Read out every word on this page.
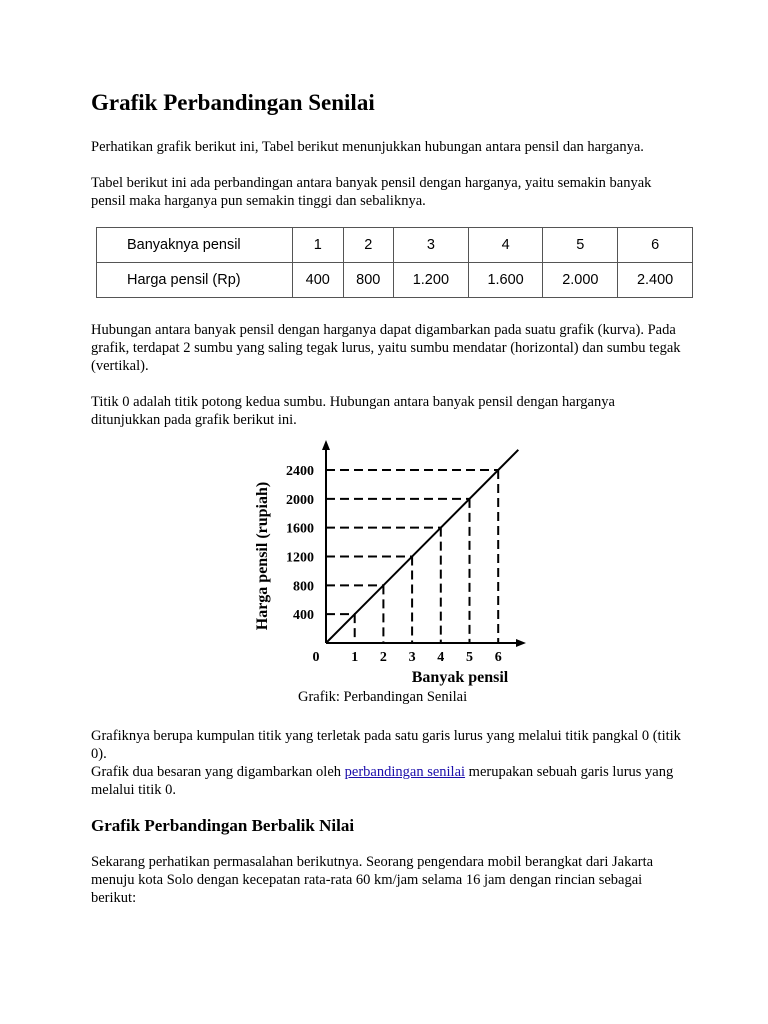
Grafik Perbandingan Senilai

Perhatikan grafik berikut ini, Tabel berikut menunjukkan hubungan antara pensil dan harganya.

Tabel berikut ini ada perbandingan antara banyak pensil dengan harganya, yaitu semakin banyak pensil maka harganya pun semakin tinggi dan sebaliknya.

Banyaknya pensil	1	2	3	4	5	6
Harga pensil (Rp)	400	800	1.200	1.600	2.000	2.400

Hubungan antara banyak pensil dengan harganya dapat digambarkan pada suatu grafik (kurva). Pada grafik, terdapat 2 sumbu yang saling tegak lurus, yaitu sumbu mendatar (horizontal) dan sumbu tegak (vertikal).

Titik 0 adalah titik potong kedua sumbu. Hubungan antara banyak pensil dengan harganya ditunjukkan pada grafik berikut ini.

Grafiknya berupa kumpulan titik yang terletak pada satu garis lurus yang melalui titik pangkal 0 (titik 0).

Grafik dua besaran yang digambarkan oleh perbandingan senilai merupakan sebuah garis lurus yang melalui titik 0.

Grafik Perbandingan Berbalik Nilai

Sekarang perhatikan permasalahan berikutnya. Seorang pengendara mobil berangkat dari Jakarta menuju kota Solo dengan kecepatan rata-rata 60 km/jam selama 16 jam dengan rincian sebagai berikut:

400
800
1200
1600
2000
2400
0 1 2 3 4 5 6
Banyak pensil
Harga pensil (rupiah)
Grafik: Perbandingan Senilai
